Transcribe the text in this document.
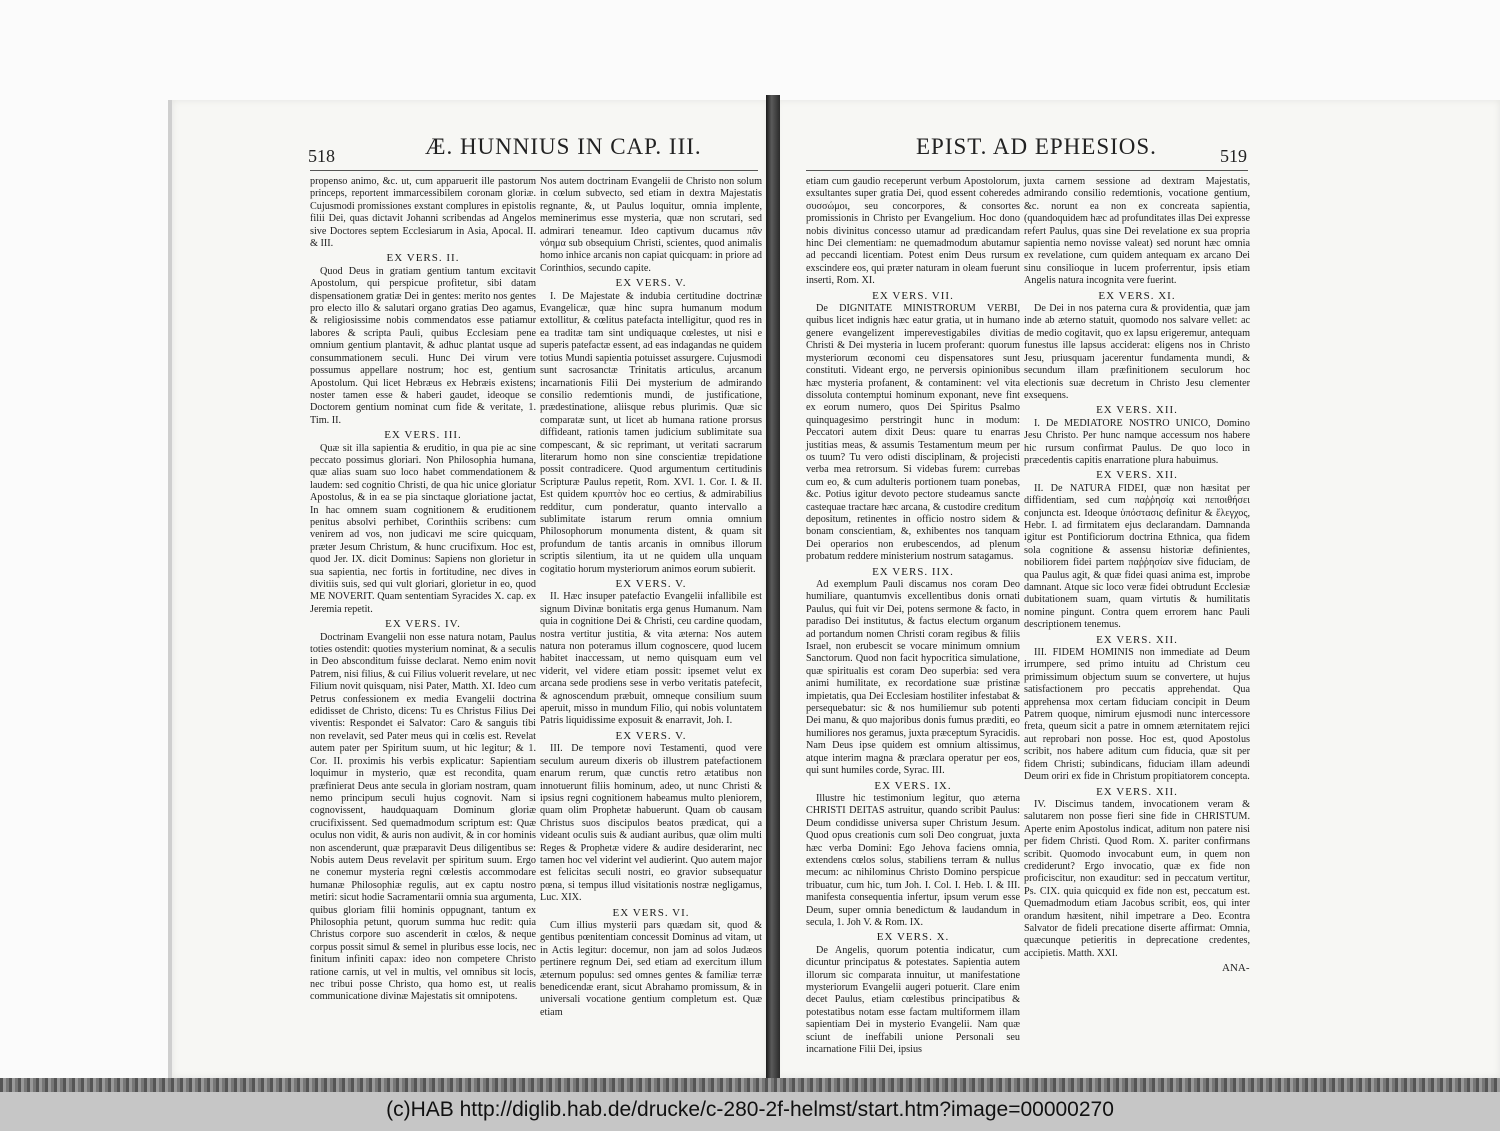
518	Æ. HUNNIUS IN CAP. III.	EPIST. AD EPHESIOS.	519

propenso animo, &c. ut, cum apparuerit ille pastorum princeps, reportent immarcessibilem coronam gloriæ. Cujusmodi promissiones exstant complures in epistolis filii Dei, quas dictavit Johanni scribendas ad Angelos sive Doctores septem Ecclesiarum in Asia, Apocal. II. & III.

EX VERS. II.

Quod Deus in gratiam gentium tantum excitavit Apostolum, qui perspicue profitetur, sibi datam dispensationem gratiæ Dei in gentes: merito nos gentes pro electo illo & salutari organo gratias Deo agamus, & religiosissime nobis commendatos esse patiamur labores & scripta Pauli, quibus Ecclesiam pene omnium gentium plantavit, & adhuc plantat usque ad consummationem seculi. Hunc Dei virum vere possumus appellare nostrum; hoc est, gentium Apostolum. Qui licet Hebræus ex Hebræis existens; noster tamen esse & haberi gaudet, ideoque se Doctorem gentium nominat cum fide & veritate, 1. Tim. II.

EX VERS. III.

Quæ sit illa sapientia & eruditio, in qua pie ac sine peccato possimus gloriari. Non Philosophia humana, quæ alias suam suo loco habet commendationem & laudem: sed cognitio Christi, de qua hic unice gloriatur Apostolus, & in ea se pia sinctaque gloriatione jactat, In hac omnem suam cognitionem & eruditionem penitus absolvi perhibet, Corinthiis scribens: cum venirem ad vos, non judicavi me scire quicquam, præter Jesum Christum, & hunc crucifixum. Hoc est, quod Jer. IX. dicit Dominus: Sapiens non glorietur in sua sapientia, nec fortis in fortitudine, nec dives in divitiis suis, sed qui vult gloriari, glorietur in eo, quod ME NOVERIT. Quam sententiam Syracides X. cap. ex Jeremia repetit.

EX VERS. IV.

Doctrinam Evangelii non esse natura notam, Paulus toties ostendit: quoties mysterium nominat, & a seculis in Deo absconditum fuisse declarat. Nemo enim novit Patrem, nisi filius, & cui Filius voluerit revelare, ut nec Filium novit quisquam, nisi Pater, Matth. XI. Ideo cum Petrus confessionem ex media Evangelii doctrina edidisset de Christo, dicens: Tu es Christus Filius Dei viventis: Respondet ei Salvator: Caro & sanguis tibi non revelavit, sed Pater meus qui in cœlis est. Revelat autem pater per Spiritum suum, ut hic legitur; & 1. Cor. II. proximis his verbis explicatur: Sapientiam loquimur in mysterio, quæ est recondita, quam præfinierat Deus ante secula in gloriam nostram, quam nemo principum seculi hujus cognovit. Nam si cognovissent, haudquaquam Dominum gloriæ crucifixissent. Sed quemadmodum scriptum est: Quæ oculus non vidit, & auris non audivit, & in cor hominis non ascenderunt, quæ præparavit Deus diligentibus se: Nobis autem Deus revelavit per spiritum suum. Ergo ne conemur mysteria regni cœlestis accommodare humanæ Philosophiæ regulis, aut ex captu nostro metiri: sicut hodie Sacramentarii omnia sua argumenta, quibus gloriam filii hominis oppugnant, tantum ex Philosophia petunt, quorum summa huc redit: quia Christus corpore suo ascenderit in cœlos, & neque corpus possit simul & semel in pluribus esse locis, nec finitum infiniti capax: ideo non competere Christo ratione carnis, ut vel in multis, vel omnibus sit locis, nec tribui posse Christo, qua homo est, ut realis communicatione divinæ Majestatis sit omnipotens.

Nos autem doctrinam Evangelii de Christo non solum in cœlum subvecto, sed etiam in dextra Majestatis regnante, &, ut Paulus loquitur, omnia implente, meminerimus esse mysteria, quæ non scrutari, sed admirari teneamur. Ideo captivum ducamus πᾶν νόημα sub obsequium Christi, scientes, quod animalis homo inhice arcanis non capiat quicquam: in priore ad Corinthios, secundo capite.

EX VERS. V.

I. De Majestate & indubia certitudine doctrinæ Evangelicæ, quæ hinc supra humanum modum extollitur, & cœlitus patefacta intelligitur, quod res in ea traditæ tam sint undiquaque cœlestes, ut nisi e superis patefactæ essent, ad eas indagandas ne quidem totius Mundi sapientia potuisset assurgere. Cujusmodi sunt sacrosanctæ Trinitatis articulus, arcanum incarnationis Filii Dei mysterium de admirando consilio redemtionis mundi, de justificatione, prædestinatione, aliisque rebus plurimis. Quæ sic comparatæ sunt, ut licet ab humana ratione prorsus diffideant, rationis tamen judicium sublimitate sua compescant, & sic reprimant, ut veritati sacrarum literarum homo non sine conscientiæ trepidatione possit contradicere. Quod argumentum certitudinis Scripturæ Paulus repetit, Rom. XVI. 1. Cor. I. & II. Est quidem κρυπτὸν hoc eo certius, & admirabilius redditur, cum ponderatur, quanto intervallo a sublimitate istarum rerum omnia omnium Philosophorum monumenta distent, & quam sit profundum de tantis arcanis in omnibus illorum scriptis silentium, ita ut ne quidem ulla unquam cogitatio horum mysteriorum animos eorum subierit.

EX VERS. V.

II. Hæc insuper patefactio Evangelii infallibile est signum Divinæ bonitatis erga genus Humanum. Nam quia in cognitione Dei & Christi, ceu cardine quodam, nostra vertitur justitia, & vita æterna: Nos autem natura non poteramus illum cognoscere, quod lucem habitet inaccessam, ut nemo quisquam eum vel viderit, vel videre etiam possit: ipsemet velut ex arcana sede prodiens sese in verbo veritatis patefecit, & agnoscendum præbuit, omneque consilium suum aperuit, misso in mundum Filio, qui nobis voluntatem Patris liquidissime exposuit & enarravit, Joh. I.

EX VERS. V.

III. De tempore novi Testamenti, quod vere seculum aureum dixeris ob illustrem patefactionem enarum rerum, quæ cunctis retro ætatibus non innotuerunt filiis hominum, adeo, ut nunc Christi & ipsius regni cognitionem habeamus multo pleniorem, quam olim Prophetæ habuerunt. Quam ob causam Christus suos discipulos beatos prædicat, qui a videant oculis suis & audiant auribus, quæ olim multi Reges & Prophetæ videre & audire desiderarint, nec tamen hoc vel viderint vel audierint. Quo autem major est felicitas seculi nostri, eo gravior subsequatur pœna, si tempus illud visitationis nostræ negligamus, Luc. XIX.

EX VERS. VI.

Cum illius mysterii pars quædam sit, quod & gentibus pœnitentiam concessit Dominus ad vitam, ut in Actis legitur: docemur, non jam ad solos Judæos pertinere regnum Dei, sed etiam ad exercitum illum æternum populus: sed omnes gentes & familiæ terræ benedicendæ erant, sicut Abrahamo promissum, & in universali vocatione gentium completum est. Quæ etiam

etiam cum gaudio receperunt verbum Apostolorum, exsultantes super gratia Dei, quod essent coheredes συσσώμοι, seu concorpores, & consortes promissionis in Christo per Evangelium. Hoc dono nobis divinitus concesso utamur ad prædicandam hinc Dei clementiam: ne quemadmodum abutamur ad peccandi licentiam. Potest enim Deus rursum exscindere eos, qui præter naturam in oleam fuerunt inserti, Rom. XI.

EX VERS. VII.

De DIGNITATE MINISTRORUM VERBI, quibus licet indignis hæc eatur gratia, ut in humano genere evangelizent imperevestigabiles divitias Christi & Dei mysteria in lucem proferant: quorum mysteriorum œconomi ceu dispensatores sunt constituti. Videant ergo, ne perversis opinionibus hæc mysteria profanent, & contaminent: vel vita dissoluta contemptui hominum exponant, neve fint ex eorum numero, quos Dei Spiritus Psalmo quinquagesimo perstringit hunc in modum: Peccatori autem dixit Deus: quare tu enarras justitias meas, & assumis Testamentum meum per os tuum? Tu vero odisti disciplinam, & projecisti verba mea retrorsum. Si videbas furem: currebas cum eo, & cum adulteris portionem tuam ponebas, &c. Potius igitur devoto pectore studeamus sancte castequae tractare hæc arcana, & custodire creditum depositum, retinentes in officio nostro sidem & bonam conscientiam, &, exhibentes nos tanquam Dei operarios non erubescendos, ad plenum probatum reddere ministerium nostrum satagamus.

EX VERS. IIX.

Ad exemplum Pauli discamus nos coram Deo humiliare, quantumvis excellentibus donis ornati Paulus, qui fuit vir Dei, potens sermone & facto, in paradiso Dei institutus, & factus electum organum ad portandum nomen Christi coram regibus & filiis Israel, non erubescit se vocare minimum omnium Sanctorum. Quod non facit hypocritica simulatione, quæ spiritualis est coram Deo superbia: sed vera animi humilitate, ex recordatione suæ pristinæ impietatis, qua Dei Ecclesiam hostiliter infestabat & persequebatur: sic & nos humiliemur sub potenti Dei manu, & quo majoribus donis fumus præditi, eo humiliores nos geramus, juxta præceptum Syracidis. Nam Deus ipse quidem est omnium altissimus, atque interim magna & præclara operatur per eos, qui sunt humiles corde, Syrac. III.

EX VERS. IX.

Illustre hic testimonium legitur, quo æterna CHRISTI DEITAS astruitur, quando scribit Paulus: Deum condidisse universa super Christum Jesum. Quod opus creationis cum soli Deo congruat, juxta hæc verba Domini: Ego Jehova faciens omnia, extendens cœlos solus, stabiliens terram & nullus mecum: ac nihilominus Christo Domino perspicue tribuatur, cum hic, tum Joh. I. Col. I. Heb. I. & III. manifesta consequentia infertur, ipsum verum esse Deum, super omnia benedictum & laudandum in secula, 1. Joh V. & Rom. IX.

EX VERS. X.

De Angelis, quorum potentia indicatur, cum dicuntur principatus & potestates. Sapientia autem illorum sic comparata innuitur, ut manifestatione mysteriorum Evangelii augeri potuerit. Clare enim decet Paulus, etiam cœlestibus principatibus & potestatibus notam esse factam multiformem illam sapientiam Dei in mysterio Evangelii. Nam quæ sciunt de ineffabili unione Personali seu incarnatione Filii Dei, ipsius

juxta carnem sessione ad dextram Majestatis, admirando consilio redemtionis, vocatione gentium, &c. norunt ea non ex concreata sapientia, (quandoquidem hæc ad profunditates illas Dei expresse refert Paulus, quas sine Dei revelatione ex sua propria sapientia nemo novisse valeat) sed norunt hæc omnia ex revelatione, cum quidem antequam ex arcano Dei sinu consilioque in lucem proferrentur, ipsis etiam Angelis natura incognita vere fuerint.

EX VERS. XI.

De Dei in nos paterna cura & providentia, quæ jam inde ab æterno statuit, quomodo nos salvare vellet: ac de medio cogitavit, quo ex lapsu erigeremur, antequam funestus ille lapsus acciderat: eligens nos in Christo Jesu, priusquam jacerentur fundamenta mundi, & secundum illam præfinitionem seculorum hoc electionis suæ decretum in Christo Jesu clementer exsequens.

EX VERS. XII.

I. De MEDIATORE NOSTRO UNICO, Domino Jesu Christo. Per hunc namque accessum nos habere hic rursum confirmat Paulus. De quo loco in præcedentis capitis enarratione plura habuimus.

EX VERS. XII.

II. De NATURA FIDEI, quæ non hæsitat per diffidentiam, sed cum παῤῥησίᾳ καὶ πεποιθήσει conjuncta est. Ideoque ὑπόστασις definitur & ἔλεγχος, Hebr. I. ad firmitatem ejus declarandam. Damnanda igitur est Pontificiorum doctrina Ethnica, qua fidem sola cognitione & assensu historiæ definientes, nobiliorem fidei partem παῤῥησίαν sive fiduciam, de qua Paulus agit, & quæ fidei quasi anima est, improbe damnant. Atque sic loco veræ fidei obtrudunt Ecclesiæ dubitationem suam, quam virtutis & humilitatis nomine pingunt. Contra quem errorem hanc Pauli descriptionem tenemus.

EX VERS. XII.

III. FIDEM HOMINIS non immediate ad Deum irrumpere, sed primo intuitu ad Christum ceu primissimum objectum suum se convertere, ut hujus satisfactionem pro peccatis apprehendat. Qua apprehensa mox certam fiduciam concipit in Deum Patrem quoque, nimirum ejusmodi nunc intercessore freta, queum sicit a patre in omnem æternitatem rejici aut reprobari non posse. Hoc est, quod Apostolus scribit, nos habere aditum cum fiducia, quæ sit per fidem Christi; subindicans, fiduciam illam adeundi Deum oriri ex fide in Christum propitiatorem concepta.

EX VERS. XII.

IV. Discimus tandem, invocationem veram & salutarem non posse fieri sine fide in CHRISTUM. Aperte enim Apostolus indicat, aditum non patere nisi per fidem Christi. Quod Rom. X. pariter confirmans scribit. Quomodo invocabunt eum, in quem non crediderunt? Ergo invocatio, quæ ex fide non proficiscitur, non exauditur: sed in peccatum vertitur, Ps. CIX. quia quicquid ex fide non est, peccatum est. Quemadmodum etiam Jacobus scribit, eos, qui inter orandum hæsitent, nihil impetrare a Deo. Econtra Salvator de fideli precatione diserte affirmat: Omnia, quæcunque petieritis in deprecatione credentes, accipietis. Matth. XXI.

ANA-
(c)HAB http://diglib.hab.de/drucke/c-280-2f-helmst/start.htm?image=00000270
